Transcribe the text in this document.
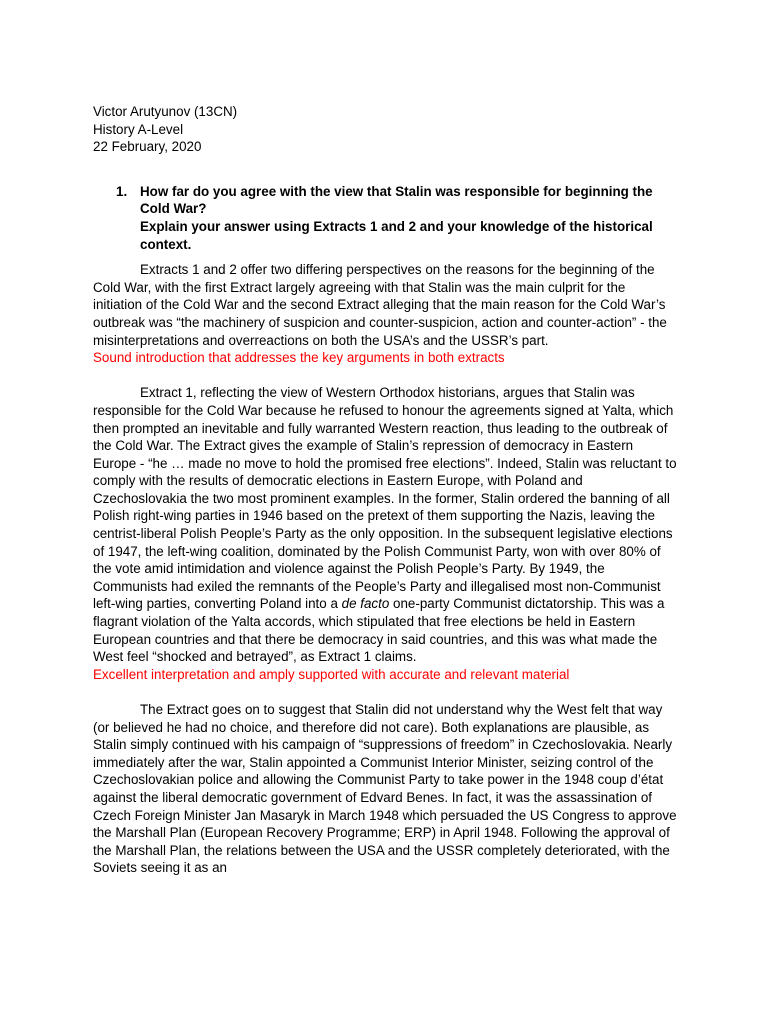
Victor Arutyunov (13CN)

History A-Level

22 February, 2020

1. How far do you agree with the view that Stalin was responsible for beginning the Cold War?

Explain your answer using Extracts 1 and 2 and your knowledge of the historical context.

Extracts 1 and 2 offer two differing perspectives on the reasons for the beginning of the Cold War, with the first Extract largely agreeing with that Stalin was the main culprit for the initiation of the Cold War and the second Extract alleging that the main reason for the Cold War’s outbreak was “the machinery of suspicion and counter-suspicion, action and counter-action” - the misinterpretations and overreactions on both the USA’s and the USSR’s part.

Sound introduction that addresses the key arguments in both extracts

Extract 1, reflecting the view of Western Orthodox historians, argues that Stalin was responsible for the Cold War because he refused to honour the agreements signed at Yalta, which then prompted an inevitable and fully warranted Western reaction, thus leading to the outbreak of the Cold War. The Extract gives the example of Stalin’s repression of democracy in Eastern Europe - “he … made no move to hold the promised free elections”. Indeed, Stalin was reluctant to comply with the results of democratic elections in Eastern Europe, with Poland and Czechoslovakia the two most prominent examples. In the former, Stalin ordered the banning of all Polish right-wing parties in 1946 based on the pretext of them supporting the Nazis, leaving the centrist-liberal Polish People’s Party as the only opposition. In the subsequent legislative elections of 1947, the left-wing coalition, dominated by the Polish Communist Party, won with over 80% of the vote amid intimidation and violence against the Polish People’s Party. By 1949, the Communists had exiled the remnants of the People’s Party and illegalised most non-Communist left-wing parties, converting Poland into a de facto one-party Communist dictatorship. This was a flagrant violation of the Yalta accords, which stipulated that free elections be held in Eastern European countries and that there be democracy in said countries, and this was what made the West feel “shocked and betrayed”, as Extract 1 claims.

Excellent interpretation and amply supported with accurate and relevant material

The Extract goes on to suggest that Stalin did not understand why the West felt that way (or believed he had no choice, and therefore did not care). Both explanations are plausible, as Stalin simply continued with his campaign of “suppressions of freedom” in Czechoslovakia. Nearly immediately after the war, Stalin appointed a Communist Interior Minister, seizing control of the Czechoslovakian police and allowing the Communist Party to take power in the 1948 coup d’état against the liberal democratic government of Edvard Benes. In fact, it was the assassination of Czech Foreign Minister Jan Masaryk in March 1948 which persuaded the US Congress to approve the Marshall Plan (European Recovery Programme; ERP) in April 1948. Following the approval of the Marshall Plan, the relations between the USA and the USSR completely deteriorated, with the Soviets seeing it as an
